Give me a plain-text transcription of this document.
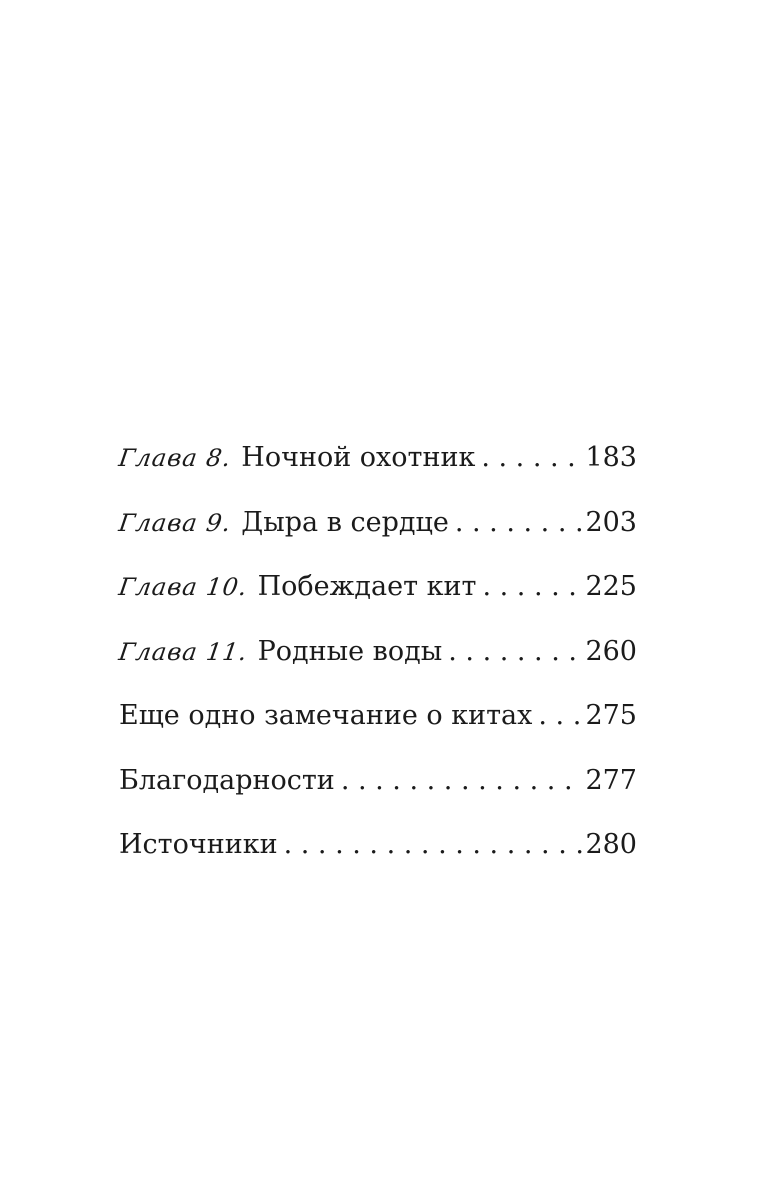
Глава 8. Ночной охотник . . .	183
Глава 9. Дыра в сердце . . .	203
Глава 10. Побеждает кит . . .	225
Глава 11. Родные воды . . .	260
Еще одно замечание о китах . . . 275
Благодарности . . .	277
Источники . . .	280
